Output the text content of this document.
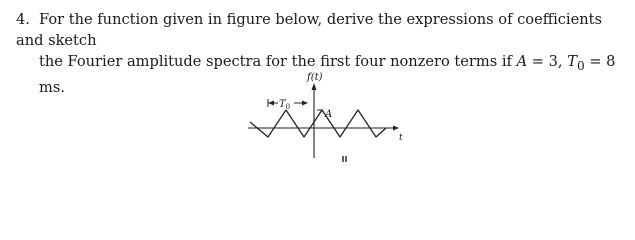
4. For the function given in figure below, derive the expressions of coefficients and sketch
the Fourier amplitude spectra for the first four nonzero terms if A = 3, $T_0 = 8$ ms.
f(t)
t
$T_0$
A
